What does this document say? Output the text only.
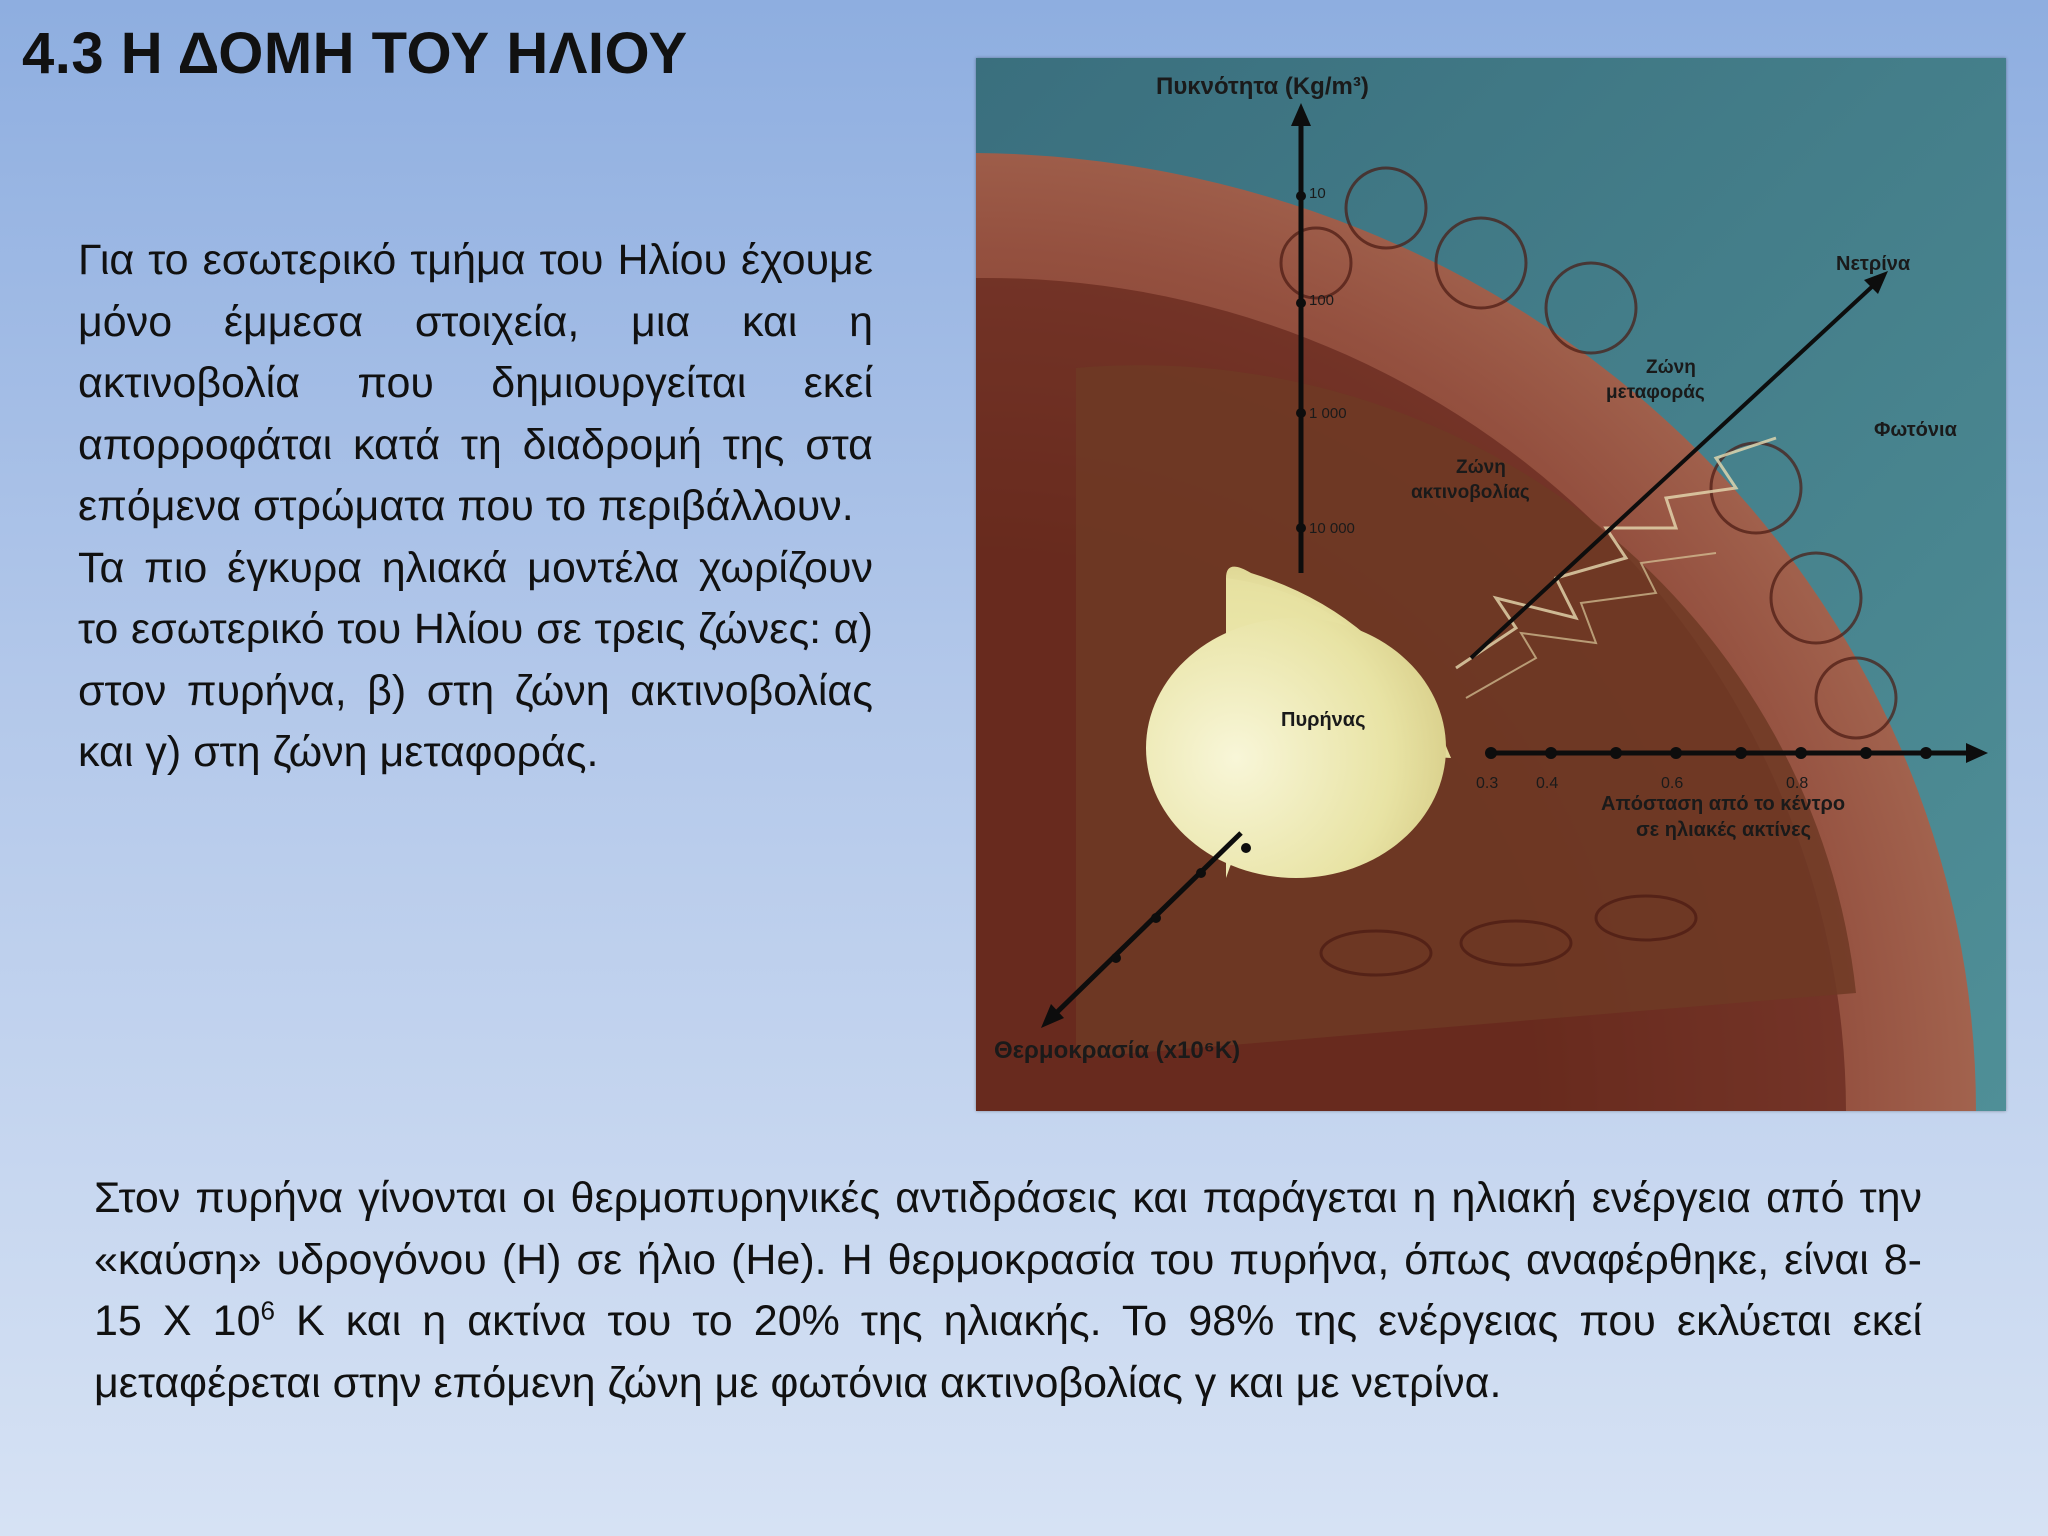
4.3 Η ΔΟΜΗ ΤΟΥ ΗΛΙΟΥ

Για το εσωτερικό τμήμα του Ηλίου έχουμε μόνο έμμεσα στοιχεία, μια και η ακτινοβολία που δημιουργείται εκεί απορροφάται κατά τη διαδρομή της στα επόμενα στρώματα που το περιβάλλουν.

Τα πιο έγκυρα ηλιακά μοντέλα χωρίζουν το εσωτερικό του Ηλίου σε τρεις ζώνες: α) στον πυρήνα, β) στη ζώνη ακτινοβολίας και γ) στη ζώνη μεταφοράς.

10
100
1 000
10 000
Πυκνότητα (Kg/m³)
0.3 0.4	0.6	0.8
Απόσταση από το κέντρο
σε ηλιακές ακτίνες
Θερμοκρασία (x10⁶K)
Νετρίνα
Φωτόνια
Ζώνη
μεταφοράς
Ζώνη
ακτινοβολίας
Πυρήνας
Στον πυρήνα γίνονται οι θερμοπυρηνικές αντιδράσεις και παράγεται η ηλιακή ενέργεια από την «καύση» υδρογόνου (Η) σε ήλιο (He). Η θερμοκρασία του πυρήνα, όπως αναφέρθηκε, είναι 8-15 Χ $10^6$ Κ και η ακτίνα του το 20% της ηλιακής. Το 98% της ενέργειας που εκλύεται εκεί μεταφέρεται στην επόμενη ζώνη με φωτόνια ακτινοβολίας γ και με νετρίνα.
